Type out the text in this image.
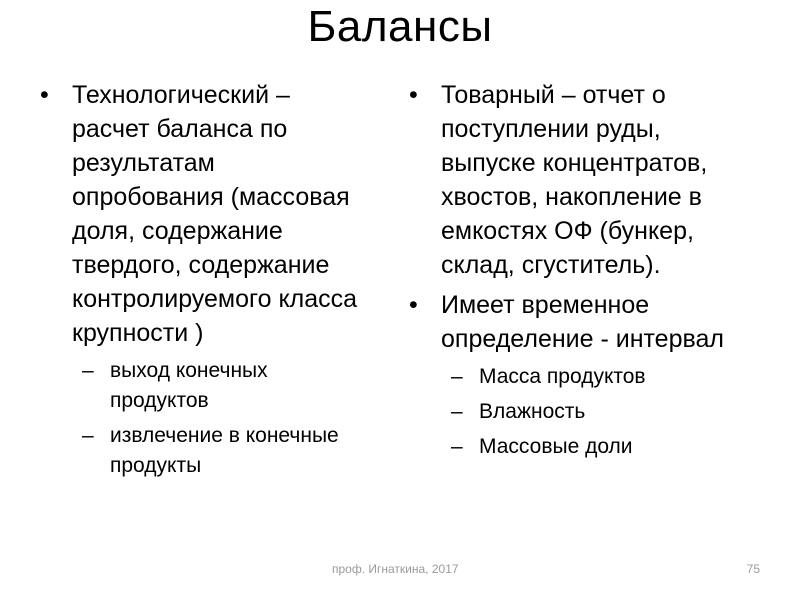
Балансы
• Технологический – расчет баланса по результатам опробования (массовая доля, содержание твердого, содержание контролируемого класса крупности )
– выход конечных продуктов
– извлечение в конечные продукты
• Товарный – отчет о поступлении руды, выпуске концентратов, хвостов, накопление в емкостях ОФ (бункер, склад, сгуститель).
• Имеет временное определение - интервал
– Масса продуктов
– Влажность
– Массовые доли
проф. Игнаткина, 2017	75
